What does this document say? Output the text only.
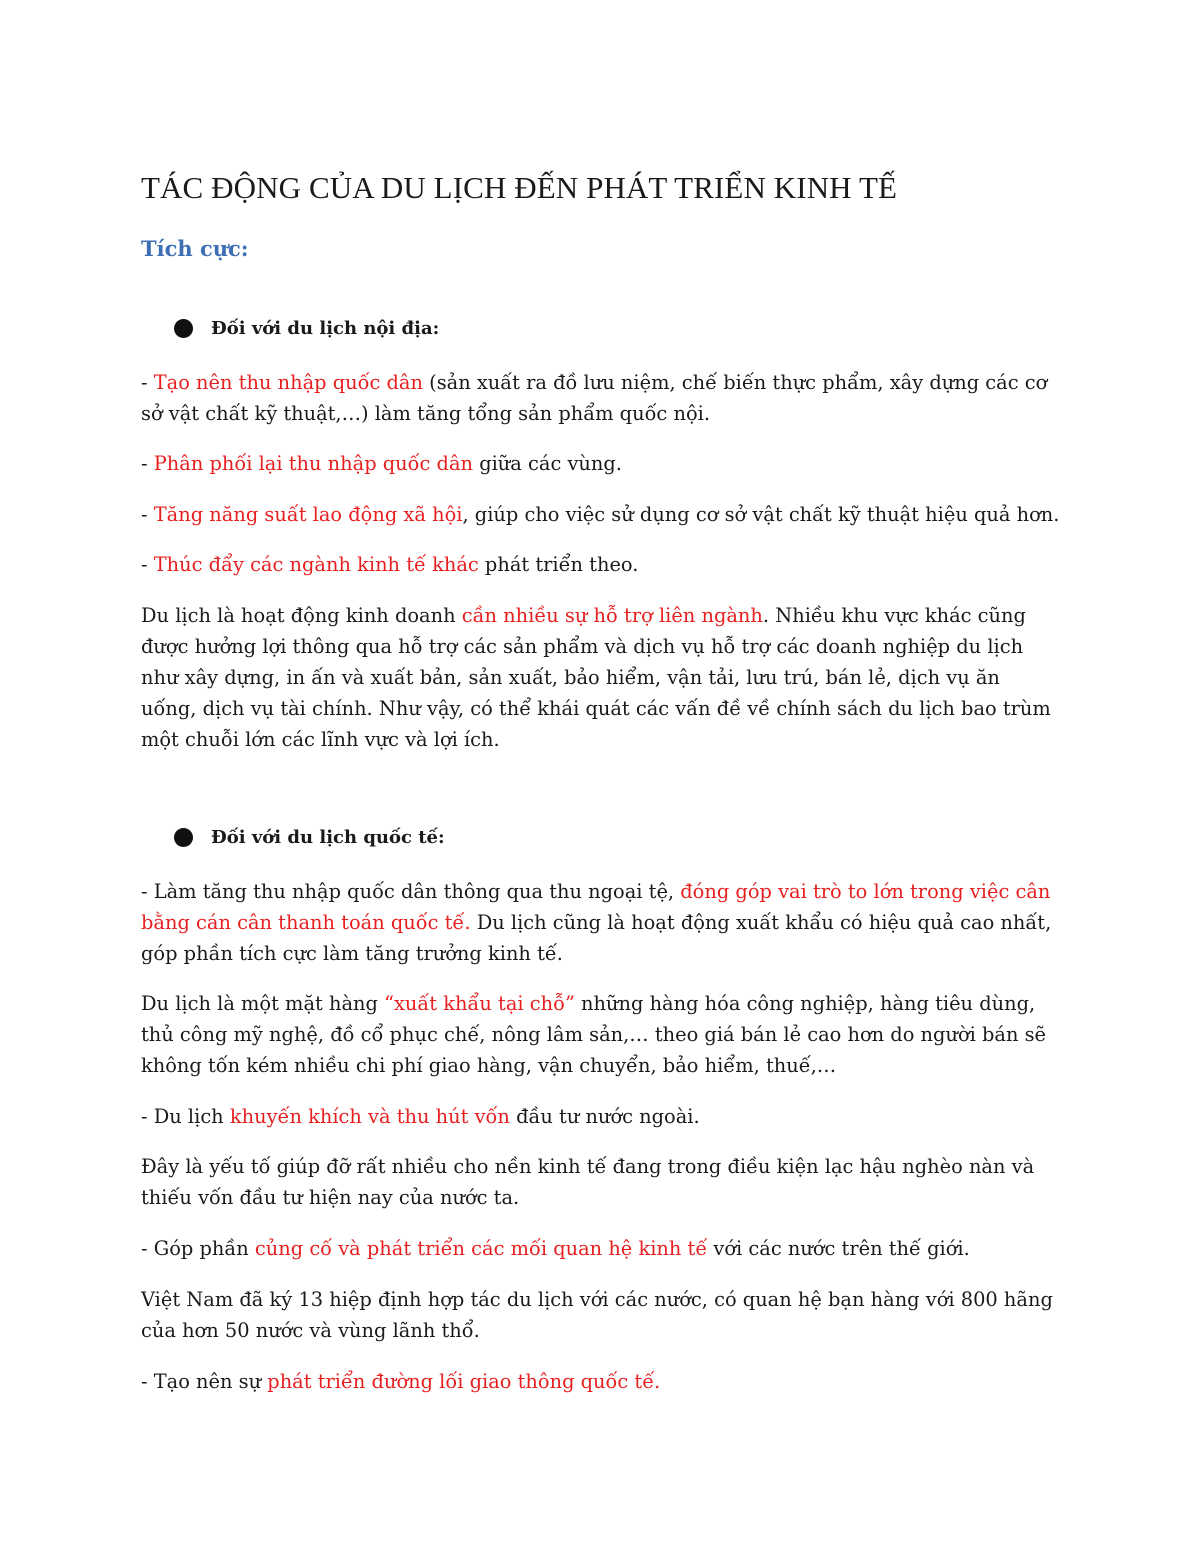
TÁC ĐỘNG CỦA DU LỊCH ĐẾN PHÁT TRIỂN KINH TẾ
Tích cực:
Đối với du lịch nội địa:

- Tạo nên thu nhập quốc dân (sản xuất ra đồ lưu niệm, chế biến thực phẩm, xây dựng các cơ sở vật chất kỹ thuật,…) làm tăng tổng sản phẩm quốc nội.

- Phân phối lại thu nhập quốc dân giữa các vùng.

- Tăng năng suất lao động xã hội, giúp cho việc sử dụng cơ sở vật chất kỹ thuật hiệu quả hơn.

- Thúc đẩy các ngành kinh tế khác phát triển theo.

Du lịch là hoạt động kinh doanh cần nhiều sự hỗ trợ liên ngành. Nhiều khu vực khác cũng được hưởng lợi thông qua hỗ trợ các sản phẩm và dịch vụ hỗ trợ các doanh nghiệp du lịch như xây dựng, in ấn và xuất bản, sản xuất, bảo hiểm, vận tải, lưu trú, bán lẻ, dịch vụ ăn uống, dịch vụ tài chính. Như vậy, có thể khái quát các vấn đề về chính sách du lịch bao trùm một chuỗi lớn các lĩnh vực và lợi ích.

Đối với du lịch quốc tế:

- Làm tăng thu nhập quốc dân thông qua thu ngoại tệ, đóng góp vai trò to lớn trong việc cân bằng cán cân thanh toán quốc tế. Du lịch cũng là hoạt động xuất khẩu có hiệu quả cao nhất, góp phần tích cực làm tăng trưởng kinh tế.

Du lịch là một mặt hàng “xuất khẩu tại chỗ” những hàng hóa công nghiệp, hàng tiêu dùng, thủ công mỹ nghệ, đồ cổ phục chế, nông lâm sản,… theo giá bán lẻ cao hơn do người bán sẽ không tốn kém nhiều chi phí giao hàng, vận chuyển, bảo hiểm, thuế,…

- Du lịch khuyến khích và thu hút vốn đầu tư nước ngoài.

Đây là yếu tố giúp đỡ rất nhiều cho nền kinh tế đang trong điều kiện lạc hậu nghèo nàn và thiếu vốn đầu tư hiện nay của nước ta.

- Góp phần củng cố và phát triển các mối quan hệ kinh tế với các nước trên thế giới.

Việt Nam đã ký 13 hiệp định hợp tác du lịch với các nước, có quan hệ bạn hàng với 800 hãng của hơn 50 nước và vùng lãnh thổ.

- Tạo nên sự phát triển đường lối giao thông quốc tế.
